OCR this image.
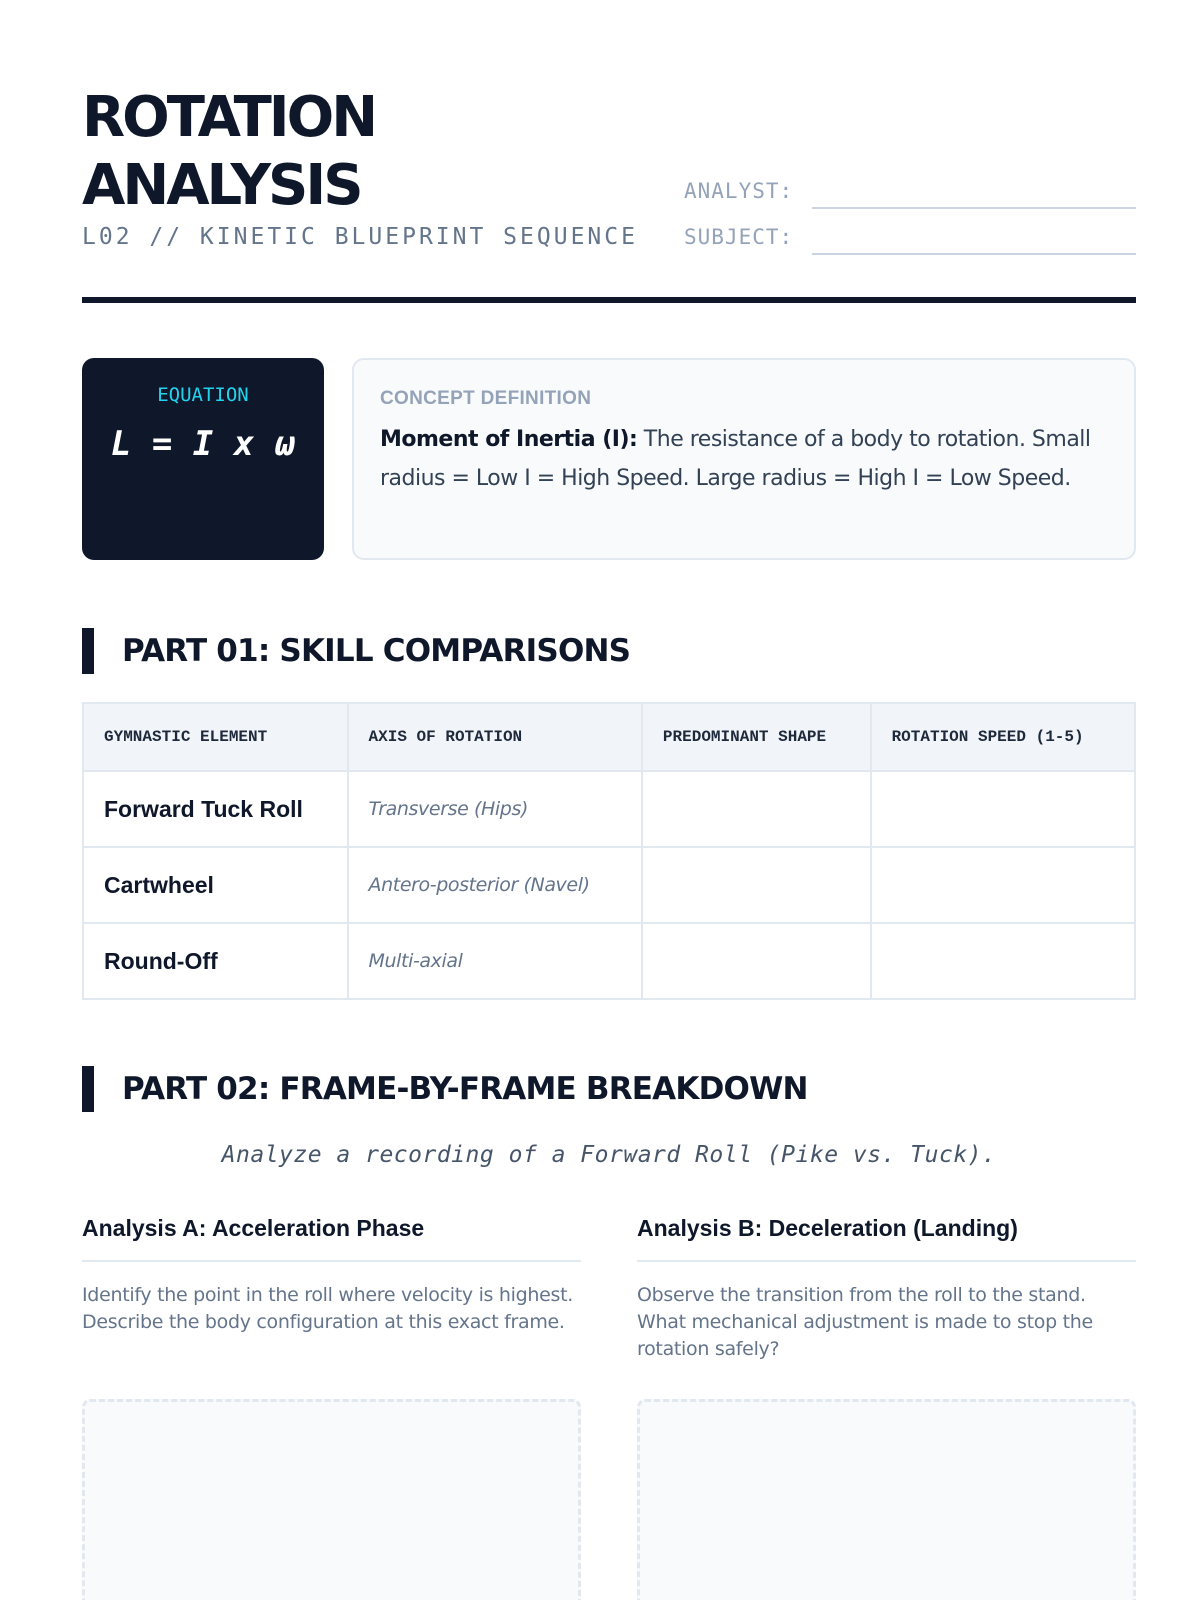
ROTATION
ANALYSIS
L02 // KINETIC BLUEPRINT SEQUENCE
ANALYST:
SUBJECT:
EQUATION
L = I x ω
CONCEPT DEFINITION

Moment of Inertia (I): The resistance of a body to rotation. Small radius = Low I = High Speed. Large radius = High I = Low Speed.

PART 01: SKILL COMPARISONS
GYMNASTIC ELEMENT	AXIS OF ROTATION	PREDOMINANT SHAPE	ROTATION SPEED (1-5)
Forward Tuck Roll	Transverse (Hips)		
Cartwheel	Antero-posterior (Navel)		
Round-Off	Multi-axial		
PART 02: FRAME-BY-FRAME BREAKDOWN

Analyze a recording of a Forward Roll (Pike vs. Tuck).

Analysis A: Acceleration Phase

Identify the point in the roll where velocity is highest. Describe the body configuration at this exact frame.

Analysis B: Deceleration (Landing)

Observe the transition from the roll to the stand. What mechanical adjustment is made to stop the rotation safely?
